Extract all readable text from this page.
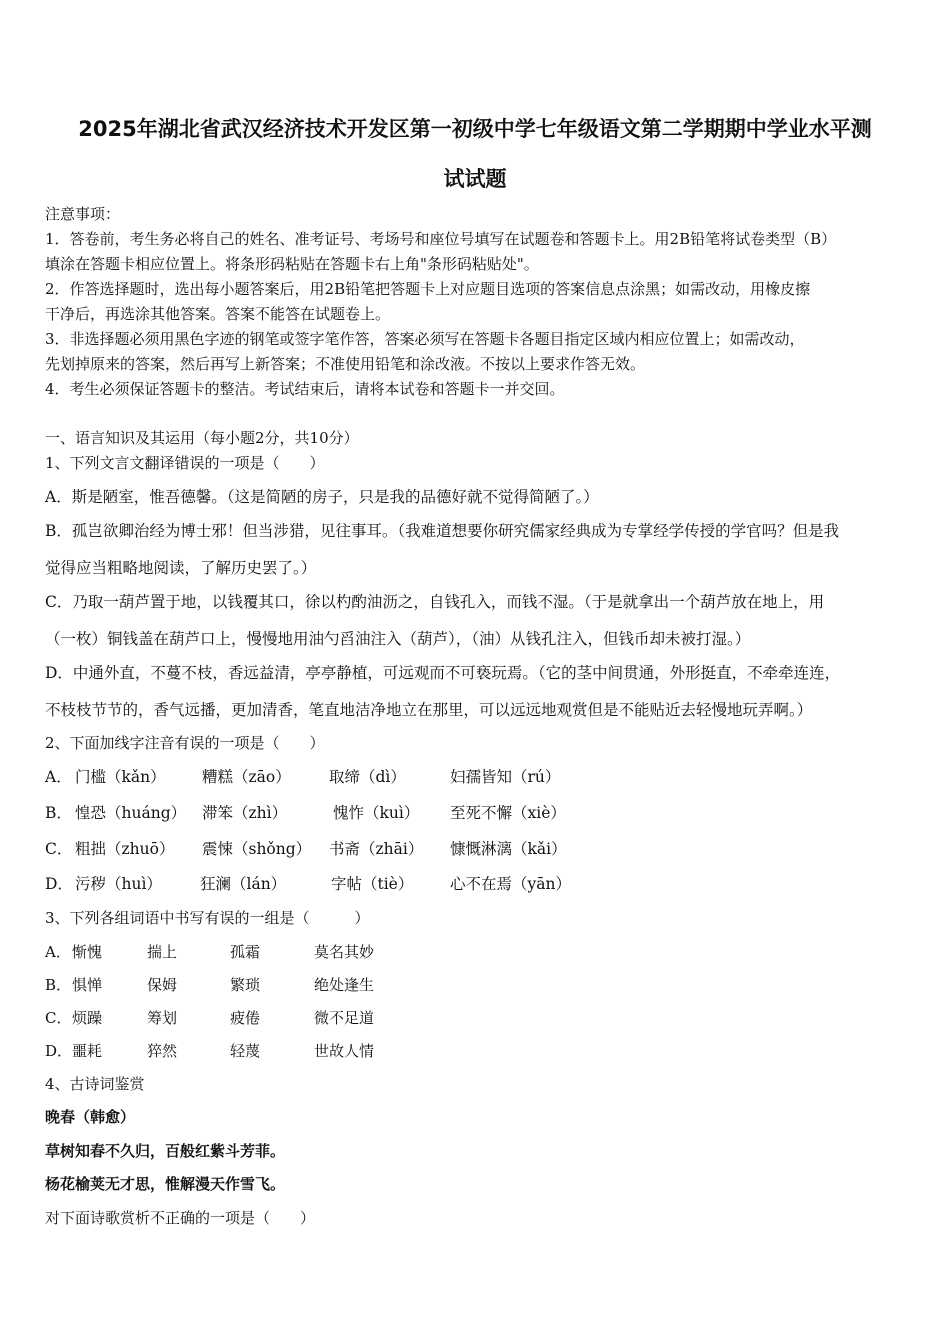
2025年湖北省武汉经济技术开发区第一初级中学七年级语文第二学期期中学业水平测
试试题
注意事项：
1．答卷前，考生务必将自己的姓名、准考证号、考场号和座位号填写在试题卷和答题卡上。用2B铅笔将试卷类型（B）
填涂在答题卡相应位置上。将条形码粘贴在答题卡右上角"条形码粘贴处"。
2．作答选择题时，选出每小题答案后，用2B铅笔把答题卡上对应题目选项的答案信息点涂黑；如需改动，用橡皮擦
干净后，再选涂其他答案。答案不能答在试题卷上。
3．非选择题必须用黑色字迹的钢笔或签字笔作答，答案必须写在答题卡各题目指定区域内相应位置上；如需改动，
先划掉原来的答案，然后再写上新答案；不准使用铅笔和涂改液。不按以上要求作答无效。
4．考生必须保证答题卡的整洁。考试结束后，请将本试卷和答题卡一并交回。
一、语言知识及其运用（每小题2分，共10分）
1、下列文言文翻译错误的一项是（　　）
A．斯是陋室，惟吾德馨。（这是简陋的房子，只是我的品德好就不觉得简陋了。）
B．孤岂欲卿治经为博士邪！但当涉猎，见往事耳。（我难道想要你研究儒家经典成为专掌经学传授的学官吗？但是我
觉得应当粗略地阅读，了解历史罢了。）
C．乃取一葫芦置于地，以钱覆其口，徐以杓酌油沥之，自钱孔入，而钱不湿。（于是就拿出一个葫芦放在地上，用
（一枚）铜钱盖在葫芦口上，慢慢地用油勺舀油注入（葫芦），（油）从钱孔注入，但钱币却未被打湿。）
D．中通外直，不蔓不枝，香远益清，亭亭静植，可远观而不可亵玩焉。（它的茎中间贯通，外形挺直，不牵牵连连，
不枝枝节节的，香气远播，更加清香，笔直地洁净地立在那里，可以远远地观赏但是不能贴近去轻慢地玩弄啊。）
2、下面加线字注音有误的一项是（　　）
A． 门槛（kǎn） 糟糕（zāo） 取缔（dì）	妇孺皆知（rú）
B． 惶恐（huáng） 滞笨（zhì）	愧怍（kuì） 至死不懈（xiè）
C． 粗拙（zhuō） 震悚（shǒng） 书斋（zhāi） 慷慨淋漓（kǎi）
D． 污秽（huì） 狂澜（lán）	字帖（tiè） 心不在焉（yān）
3、下列各组词语中书写有误的一组是（　　　）
A． 惭愧	揣上	孤霜	莫名其妙
B． 惧惮	保姆	繁琐	绝处逢生
C． 烦躁	筹划	疲倦	微不足道
D． 噩耗	猝然	轻蔑	世故人情
4、古诗词鉴赏
晚春（韩愈）
草树知春不久归，百般红紫斗芳菲。
杨花榆荚无才思，惟解漫天作雪飞。
对下面诗歌赏析不正确的一项是（　　）
